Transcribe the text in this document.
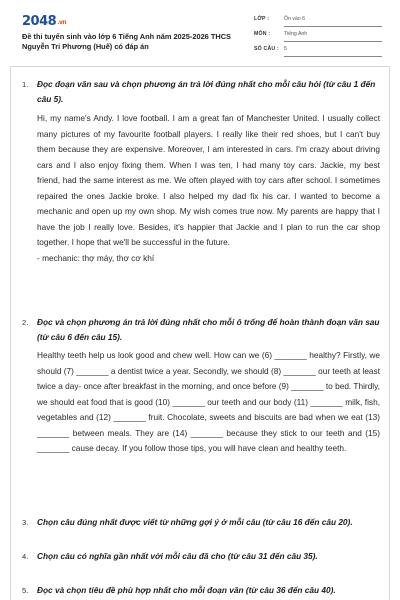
2048.vn
Đề thi tuyển sinh vào lớp 6 Tiếng Anh năm 2025-2026 THCS Nguyễn Tri Phương (Huế) có đáp án
LỚP :	Ôn vào 6
MÔN :	Tiếng Anh
SỐ CÂU : 5
1. Đọc đoạn văn sau và chọn phương án trả lời đúng nhất cho mỗi câu hỏi (từ câu 1 đến câu 5).

Hi, my name's Andy. I love football. I am a great fan of Manchester United. I usually collect many pictures of my favourite football players. I really like their red shoes, but I can't buy them because they are expensive. Moreover, I am interested in cars. I'm crazy about driving cars and I also enjoy fixing them. When I was ten, I had many toy cars. Jackie, my best friend, had the same interest as me. We often played with toy cars after school. I sometimes repaired the ones Jackie broke. I also helped my dad fix his car. I wanted to become a mechanic and open up my own shop. My wish comes true now. My parents are happy that I have the job I really love. Besides, it's happier that Jackie and I plan to run the car shop together. I hope that we'll be successful in the future.

- mechanic: thợ máy, thợ cơ khí

2. Đọc và chọn phương án trả lời đúng nhất cho mỗi ô trống để hoàn thành đoạn văn sau (từ câu 6 đến câu 15).

Healthy teeth help us look good and chew well. How can we (6) _______ healthy? Firstly, we should (7) _______ a dentist twice a year. Secondly, we should (8) _______ our teeth at least twice a day- once after breakfast in the morning, and once before (9) _______ to bed. Thirdly, we should eat food that is good (10) _______ our teeth and our body (11) _______ milk, fish, vegetables and (12) _______ fruit. Chocolate, sweets and biscuits are bad when we eat (13) _______ between meals. They are (14) _______ because they stick to our teeth and (15) _______ cause decay. If you follow those tips, you will have clean and healthy teeth.

3. Chọn câu đúng nhất được viết từ những gợi ý ở mỗi câu (từ câu 16 đến câu 20).
4. Chọn câu có nghĩa gần nhất với mỗi câu đã cho (từ câu 31 đến câu 35).
5. Đọc và chọn tiêu đề phù hợp nhất cho mỗi đoạn văn (từ câu 36 đến câu 40).
